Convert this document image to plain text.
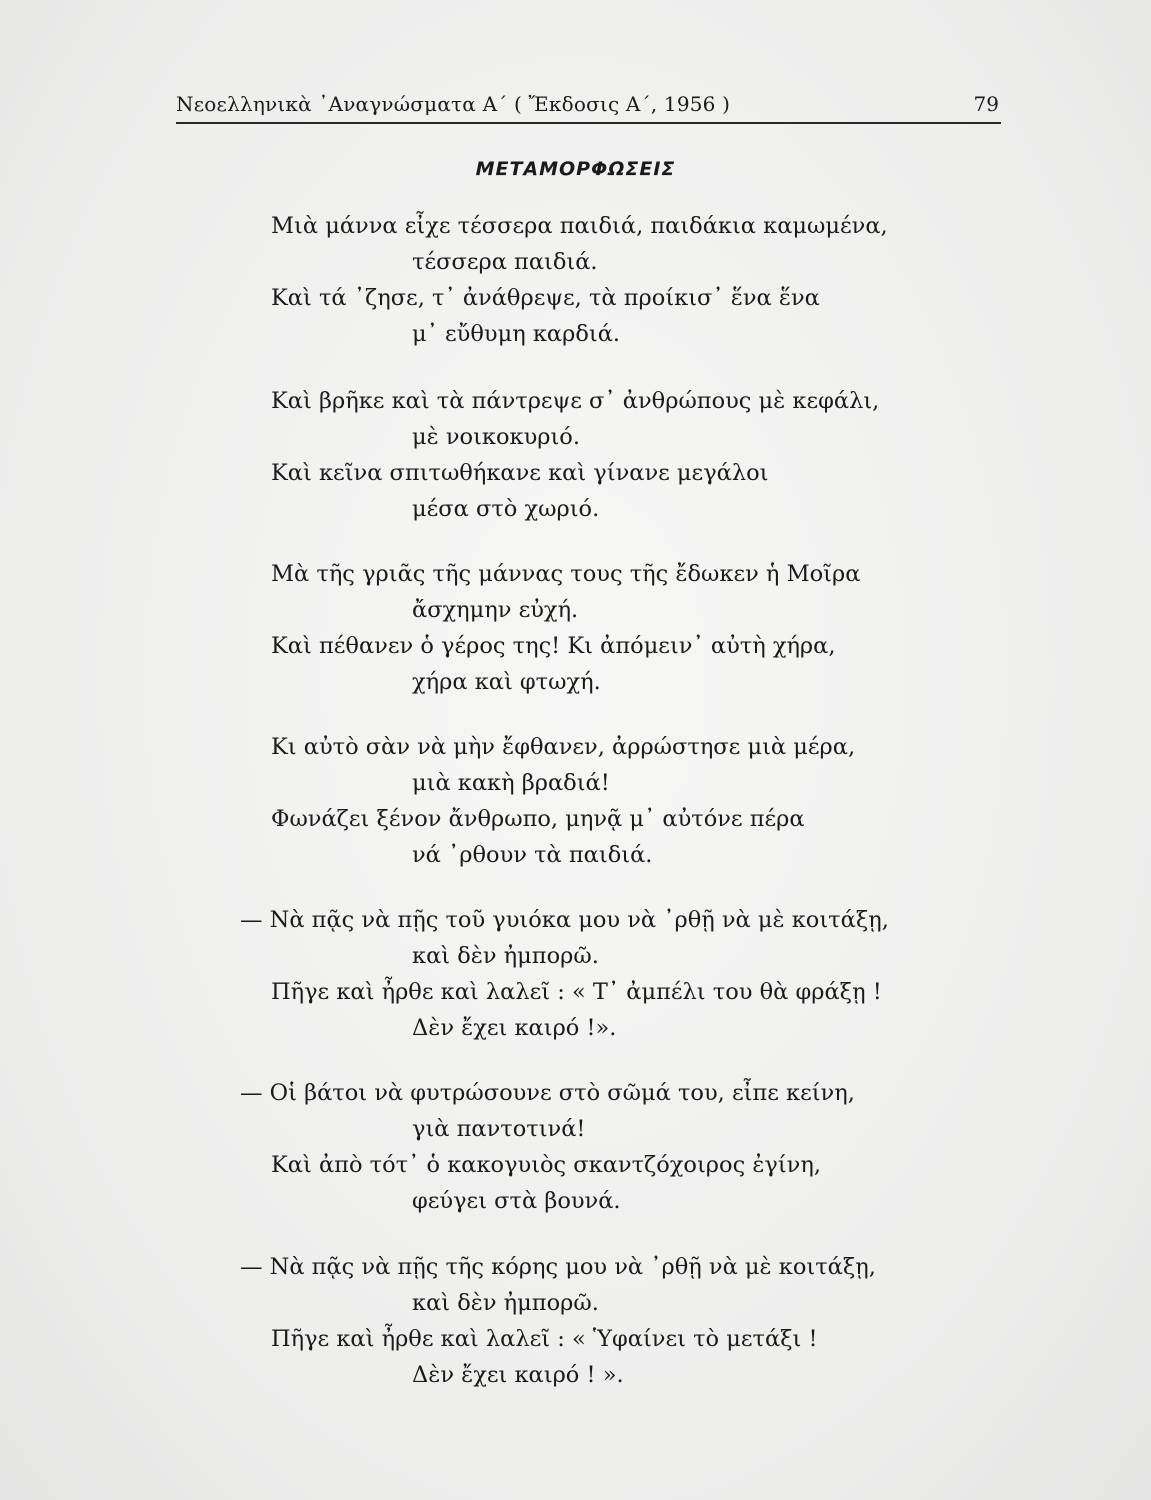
Νεοελληνικὰ ᾿Αναγνώσματα Α΄ ( Ἔκδοσις Α΄, 1956 )	79
ΜΕΤΑΜΟΡΦΩΣΕΙΣ
Μιὰ μάννα εἶχε τέσσερα παιδιά, παιδάκια καμωμένα,
τέσσερα παιδιά.
Καὶ τά ᾿ζησε, τ᾿ ἀνάθρεψε, τὰ προίκισ᾿ ἕνα ἕνα
μ᾿ εὔθυμη καρδιά.
Καὶ βρῆκε καὶ τὰ πάντρεψε σ᾿ ἀνθρώπους μὲ κεφάλι,
μὲ νοικοκυριό.
Καὶ κεῖνα σπιτωθήκανε καὶ γίνανε μεγάλοι
μέσα στὸ χωριό.
Μὰ τῆς γριᾶς τῆς μάννας τους τῆς ἔδωκεν ἡ Μοῖρα
ἄσχημην εὐχή.
Καὶ πέθανεν ὁ γέρος της! Κι ἀπόμειν᾿ αὐτὴ χήρα,
χήρα καὶ φτωχή.
Κι αὐτὸ σὰν νὰ μὴν ἔφθανεν, ἀρρώστησε μιὰ μέρα,
μιὰ κακὴ βραδιά!
Φωνάζει ξένον ἄνθρωπο, μηνᾷ μ᾿ αὐτόνε πέρα
νά ᾿ρθουν τὰ παιδιά.
— Νὰ πᾷς νὰ πῇς τοῦ γυιόκα μου νὰ ᾿ρθῇ νὰ μὲ κοιτάξῃ,
καὶ δὲν ἠμπορῶ.
Πῆγε καὶ ἦρθε καὶ λαλεῖ : « Τ᾿ ἀμπέλι του θὰ φράξῃ !
Δὲν ἔχει καιρό !».
— Οἱ βάτοι νὰ φυτρώσουνε στὸ σῶμά του, εἶπε κείνη,
γιὰ παντοτινά!
Καὶ ἀπὸ τότ᾿ ὁ κακογυιὸς σκαντζόχοιρος ἐγίνη,
φεύγει στὰ βουνά.
— Νὰ πᾷς νὰ πῇς τῆς κόρης μου νὰ ᾿ρθῇ νὰ μὲ κοιτάξῃ,
καὶ δὲν ἠμπορῶ.
Πῆγε καὶ ἦρθε καὶ λαλεῖ : « Ὑφαίνει τὸ μετάξι !
Δὲν ἔχει καιρό ! ».
